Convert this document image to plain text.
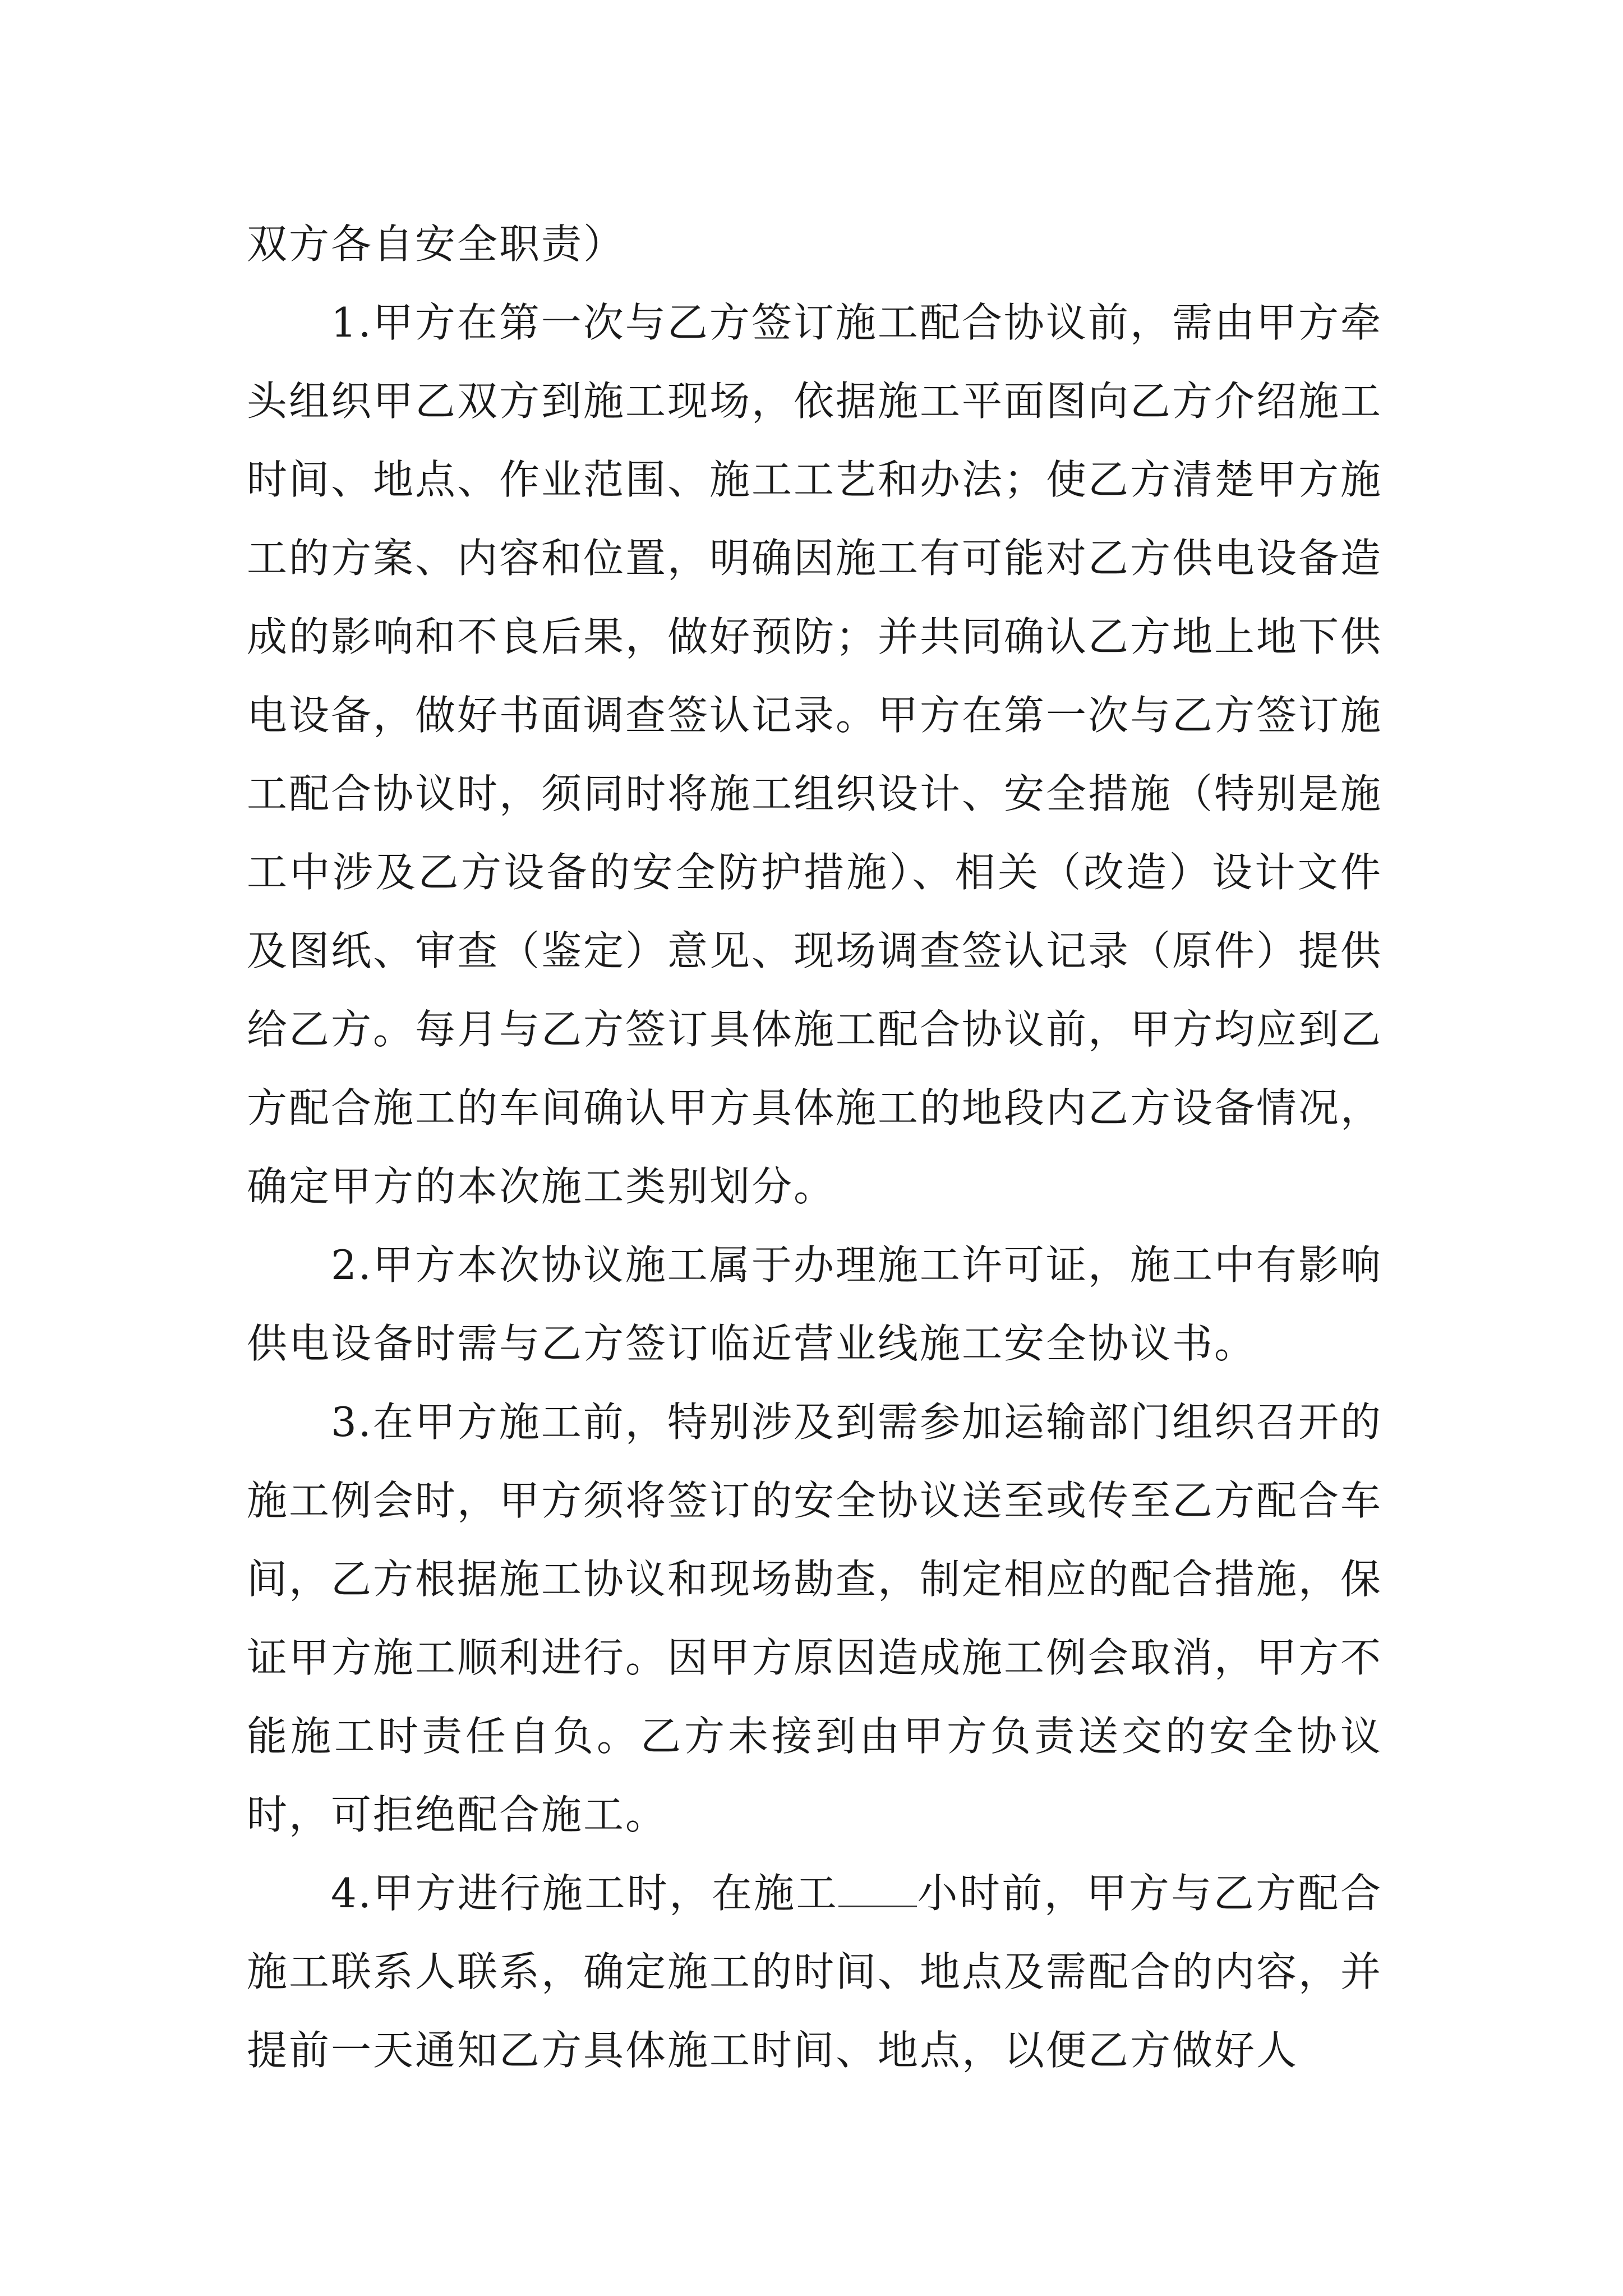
双方各自安全职责）

1.甲方在第一次与乙方签订施工配合协议前，需由甲方牵头组织甲乙双方到施工现场，依据施工平面图向乙方介绍施工时间、地点、作业范围、施工工艺和办法；使乙方清楚甲方施工的方案、内容和位置，明确因施工有可能对乙方供电设备造成的影响和不良后果，做好预防；并共同确认乙方地上地下供电设备，做好书面调查签认记录。甲方在第一次与乙方签订施工配合协议时，须同时将施工组织设计、安全措施（特别是施工中涉及乙方设备的安全防护措施）、相关（改造）设计文件及图纸、审查（鉴定）意见、现场调查签认记录（原件）提供给乙方。每月与乙方签订具体施工配合协议前，甲方均应到乙方配合施工的车间确认甲方具体施工的地段内乙方设备情况，确定甲方的本次施工类别划分。

2.甲方本次协议施工属于办理施工许可证，施工中有影响供电设备时需与乙方签订临近营业线施工安全协议书。

3.在甲方施工前，特别涉及到需参加运输部门组织召开的施工例会时，甲方须将签订的安全协议送至或传至乙方配合车间，乙方根据施工协议和现场勘查，制定相应的配合措施，保证甲方施工顺利进行。因甲方原因造成施工例会取消，甲方不能施工时责任自负。乙方未接到由甲方负责送交的安全协议时，可拒绝配合施工。

4.甲方进行施工时，在施工 小时前，甲方与乙方配合施工联系人联系，确定施工的时间、地点及需配合的内容，并提前一天通知乙方具体施工时间、地点，以便乙方做好人
